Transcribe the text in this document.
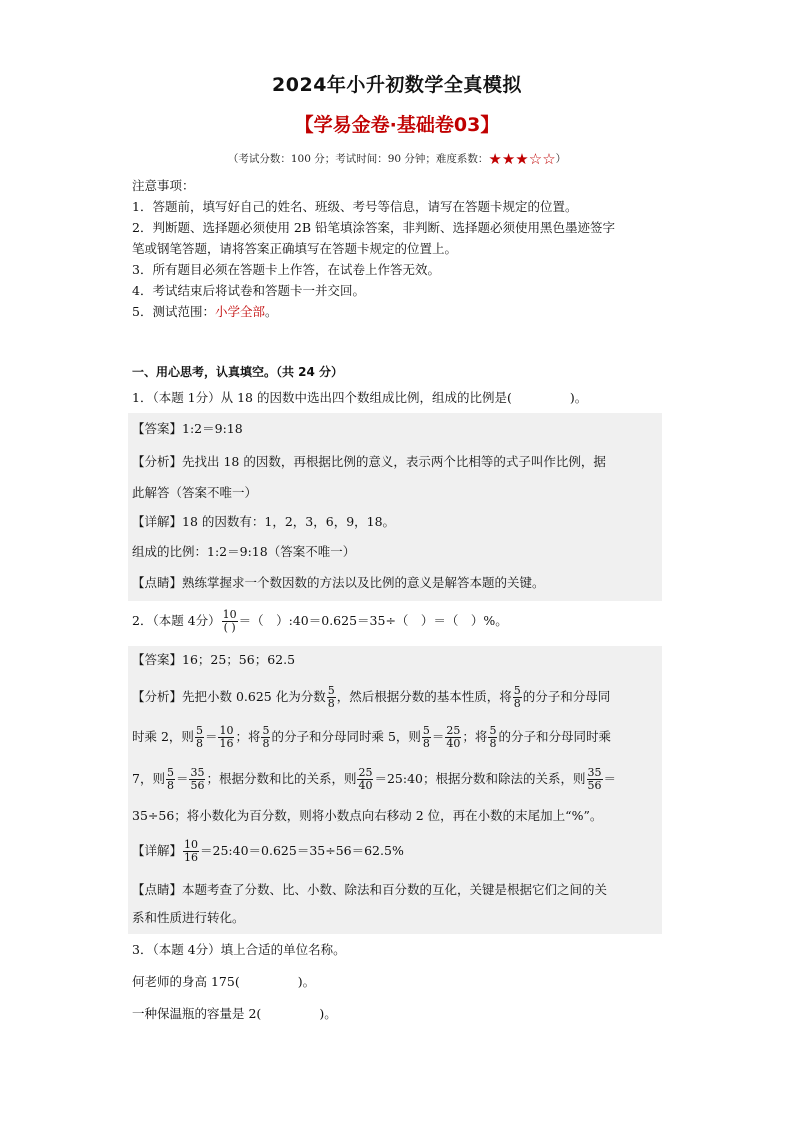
2024年小升初数学全真模拟
【学易金卷·基础卷03】
（考试分数：100 分；考试时间：90 分钟；难度系数：★★★☆☆）
注意事项：
1．答题前，填写好自己的姓名、班级、考号等信息，请写在答题卡规定的位置。
2．判断题、选择题必须使用 2B 铅笔填涂答案，非判断、选择题必须使用黑色墨迹签字
笔或钢笔答题，请将答案正确填写在答题卡规定的位置上。
3．所有题目必须在答题卡上作答，在试卷上作答无效。
4．考试结束后将试卷和答题卡一并交回。
5．测试范围：小学全部。
一、用心思考，认真填空。（共 24 分）
1．（本题 1分）从 18 的因数中选出四个数组成比例，组成的比例是(	)。
【答案】1:2＝9:18
【分析】先找出 18 的因数，再根据比例的意义，表示两个比相等的式子叫作比例，据
此解答（答案不唯一）
【详解】18 的因数有：1，2，3，6，9，18。
组成的比例：1:2＝9:18（答案不唯一）
【点睛】熟练掌握求一个数因数的方法以及比例的意义是解答本题的关键。
2．（本题 4分） $\frac{10}{( )}$ ＝（　）:40＝0.625＝35÷（　）＝（　）%。
【答案】16；25；56；62.5
【分析】先把小数 0.625 化为分数 $\frac{5}{8}$ ，然后根据分数的基本性质，将 $\frac{5}{8}$ 的分子和分母同
时乘 2，则 $\frac{5}{8} = \frac{10}{16}$ ；将 $\frac{5}{8}$ 的分子和分母同时乘 5，则 $\frac{5}{8} = \frac{25}{40}$ ；将 $\frac{5}{8}$ 的分子和分母同时乘
7，则 $\frac{5}{8} = \frac{35}{56}$ ；根据分数和比的关系，则 $\frac{25}{40}$ ＝25:40；根据分数和除法的关系，则 $\frac{35}{56}$ ＝
35÷56；将小数化为百分数，则将小数点向右移动 2 位，再在小数的末尾加上“%”。
【详解】 $\frac{10}{16}$ ＝25:40＝0.625＝35÷56＝62.5%
【点睛】本题考查了分数、比、小数、除法和百分数的互化，关键是根据它们之间的关
系和性质进行转化。
3．（本题 4分）填上合适的单位名称。
何老师的身高 175(	)。
一种保温瓶的容量是 2(	)。
